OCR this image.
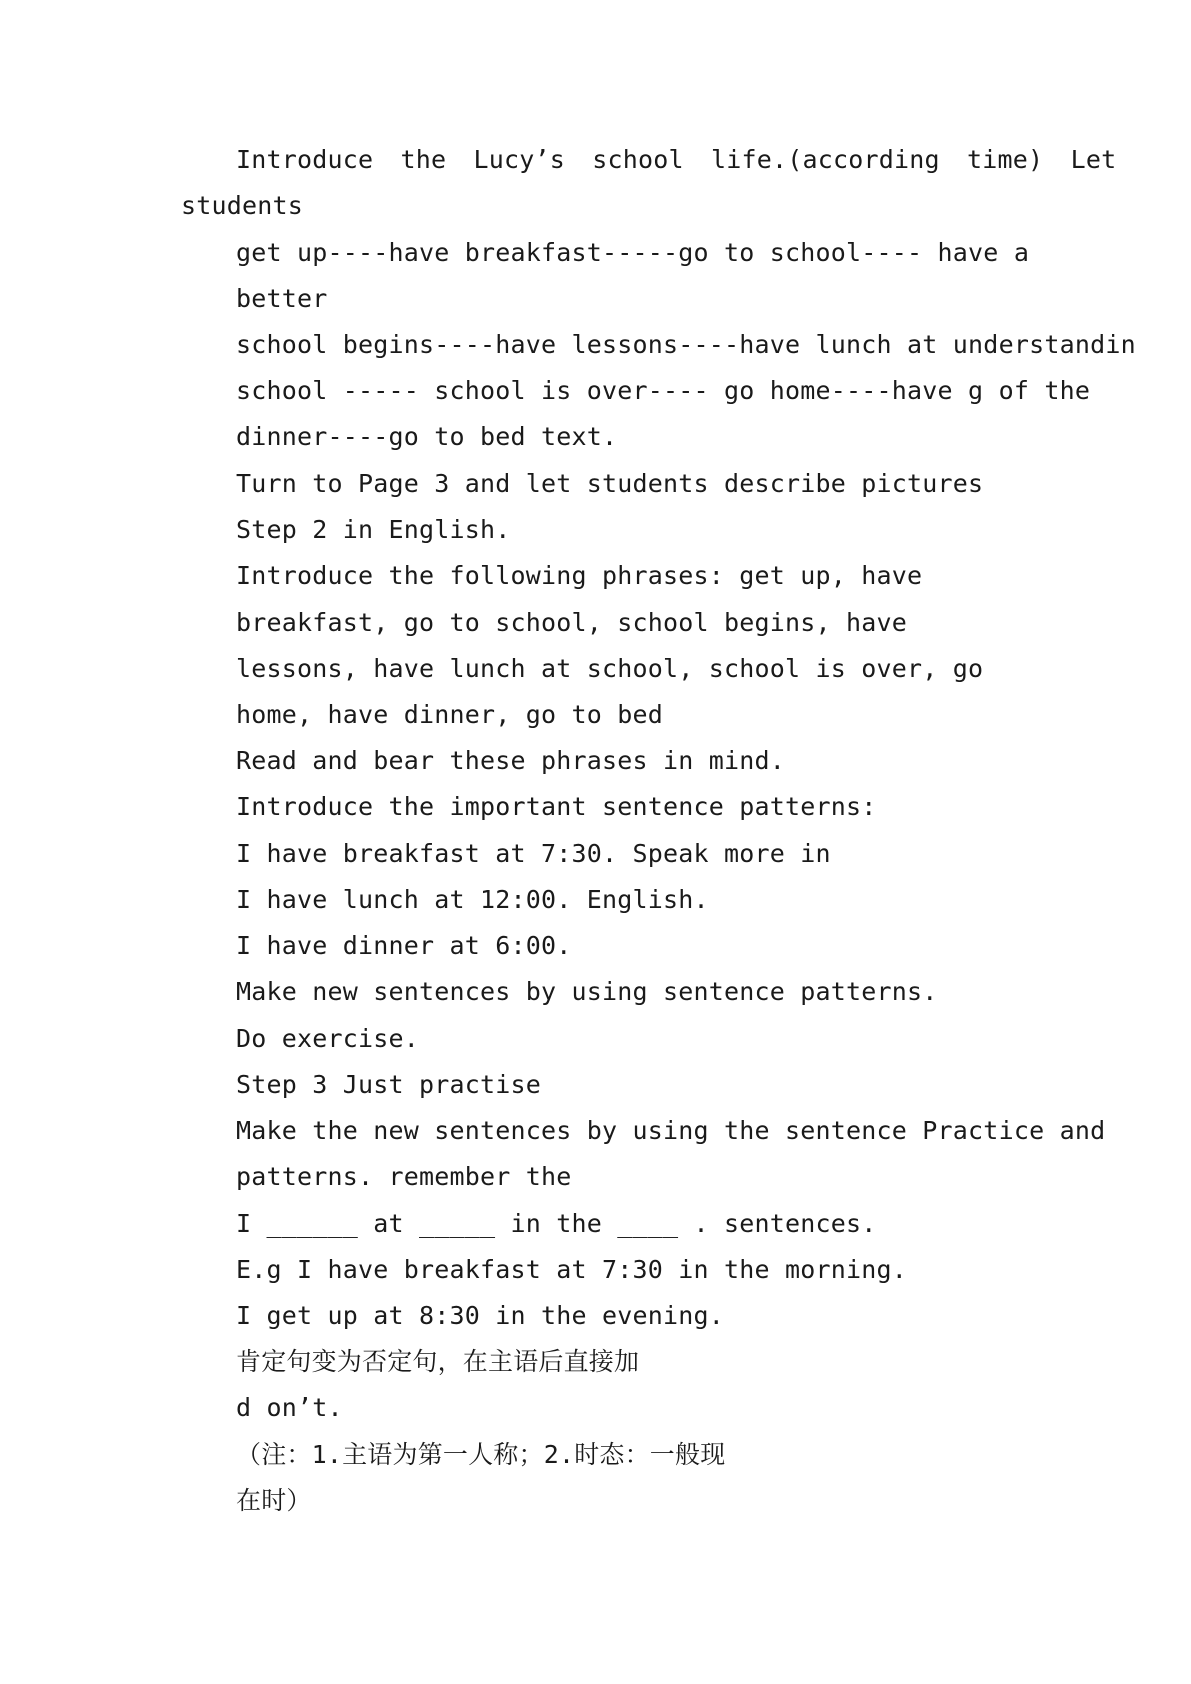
Introduce the Lucy’s school life.(according time) Let
students
get up----have breakfast-----go to school---- have a
better
school begins----have lessons----have lunch at understandin
school ----- school is over---- go home----have g of the
dinner----go to bed text.
Turn to Page 3 and let students describe pictures
Step 2 in English.
Introduce the following phrases: get up, have
breakfast, go to school, school begins, have
lessons, have lunch at school, school is over, go
home, have dinner, go to bed
Read and bear these phrases in mind.
Introduce the important sentence patterns:
I have breakfast at 7:30. Speak more in
I have lunch at 12:00. English.
I have dinner at 6:00.
Make new sentences by using sentence patterns.
Do exercise.
Step 3 Just practise
Make the new sentences by using the sentence Practice and
patterns. remember the
I ______ at _____ in the ____ . sentences.
E.g I have breakfast at 7:30 in the morning.
I get up at 8:30 in the evening.
肯定句变为否定句，在主语后直接加
d on’t.
（注：1.主语为第一人称；2.时态：一般现
在时）
